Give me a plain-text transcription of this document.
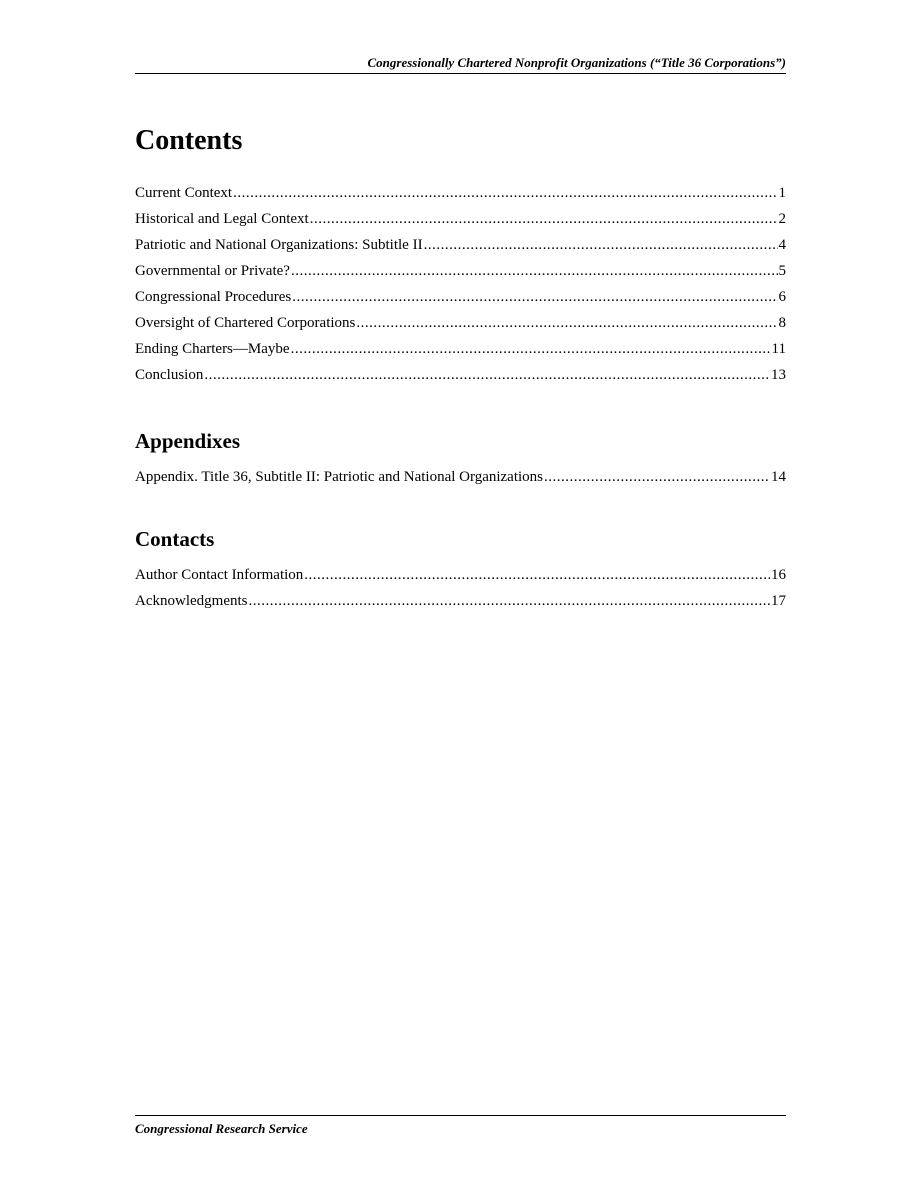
Congressionally Chartered Nonprofit Organizations (“Title 36 Corporations”)
Contents
Current Context .....	1
Historical and Legal Context .....	2
Patriotic and National Organizations: Subtitle II .....	4
Governmental or Private? .....	5
Congressional Procedures .....	6
Oversight of Chartered Corporations .....	8
Ending Charters—Maybe .....	11
Conclusion .....	13
Appendixes
Appendix. Title 36, Subtitle II: Patriotic and National Organizations .....	14
Contacts
Author Contact Information .....	16
Acknowledgments .....	17
Congressional Research Service
